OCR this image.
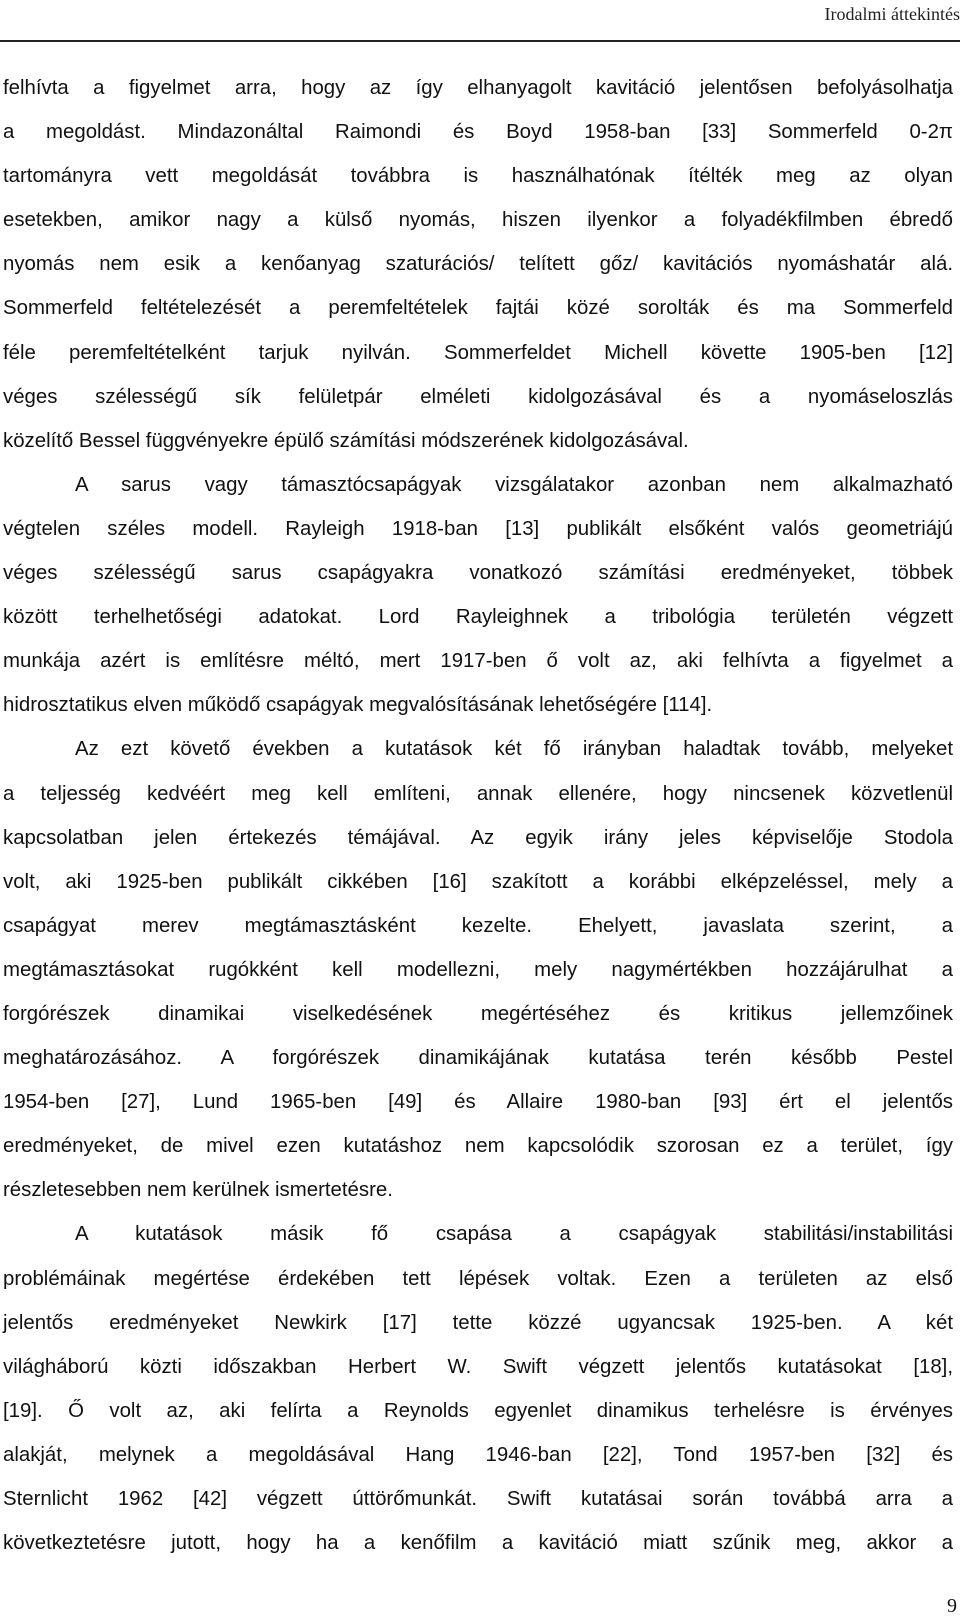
Irodalmi áttekintés
felhívta a figyelmet arra, hogy az így elhanyagolt kavitáció jelentősen befolyásolhatja
a megoldást. Mindazonáltal Raimondi és Boyd 1958-ban [33] Sommerfeld 0-2π
tartományra vett megoldását továbbra is használhatónak ítélték meg az olyan
esetekben, amikor nagy a külső nyomás, hiszen ilyenkor a folyadékfilmben ébredő
nyomás nem esik a kenőanyag szaturációs/ telített gőz/ kavitációs nyomáshatár alá.
Sommerfeld feltételezését a peremfeltételek fajtái közé sorolták és ma Sommerfeld
féle peremfeltételként tarjuk nyilván. Sommerfeldet Michell követte 1905-ben [12]
véges szélességű sík felületpár elméleti kidolgozásával és a nyomáseloszlás
közelítő Bessel függvényekre épülő számítási módszerének kidolgozásával.
A sarus vagy támasztócsapágyak vizsgálatakor azonban nem alkalmazható
végtelen széles modell. Rayleigh 1918-ban [13] publikált elsőként valós geometriájú
véges szélességű sarus csapágyakra vonatkozó számítási eredményeket, többek
között terhelhetőségi adatokat. Lord Rayleighnek a tribológia területén végzett
munkája azért is említésre méltó, mert 1917-ben ő volt az, aki felhívta a figyelmet a
hidrosztatikus elven működő csapágyak megvalósításának lehetőségére [114].
Az ezt követő években a kutatások két fő irányban haladtak tovább, melyeket
a teljesség kedvéért meg kell említeni, annak ellenére, hogy nincsenek közvetlenül
kapcsolatban jelen értekezés témájával. Az egyik irány jeles képviselője Stodola
volt, aki 1925-ben publikált cikkében [16] szakított a korábbi elképzeléssel, mely a
csapágyat merev megtámasztásként kezelte. Ehelyett, javaslata szerint, a
megtámasztásokat rugókként kell modellezni, mely nagymértékben hozzájárulhat a
forgórészek dinamikai viselkedésének megértéséhez és kritikus jellemzőinek
meghatározásához. A forgórészek dinamikájának kutatása terén később Pestel
1954-ben [27], Lund 1965-ben [49] és Allaire 1980-ban [93] ért el jelentős
eredményeket, de mivel ezen kutatáshoz nem kapcsolódik szorosan ez a terület, így
részletesebben nem kerülnek ismertetésre.
A kutatások másik fő csapása a csapágyak stabilitási/instabilitási
problémáinak megértése érdekében tett lépések voltak. Ezen a területen az első
jelentős eredményeket Newkirk [17] tette közzé ugyancsak 1925-ben. A két
világháború közti időszakban Herbert W. Swift végzett jelentős kutatásokat [18],
[19]. Ő volt az, aki felírta a Reynolds egyenlet dinamikus terhelésre is érvényes
alakját, melynek a megoldásával Hang 1946-ban [22], Tond 1957-ben [32] és
Sternlicht 1962 [42] végzett úttörőmunkát. Swift kutatásai során továbbá arra a
következtetésre jutott, hogy ha a kenőfilm a kavitáció miatt szűnik meg, akkor a
9
